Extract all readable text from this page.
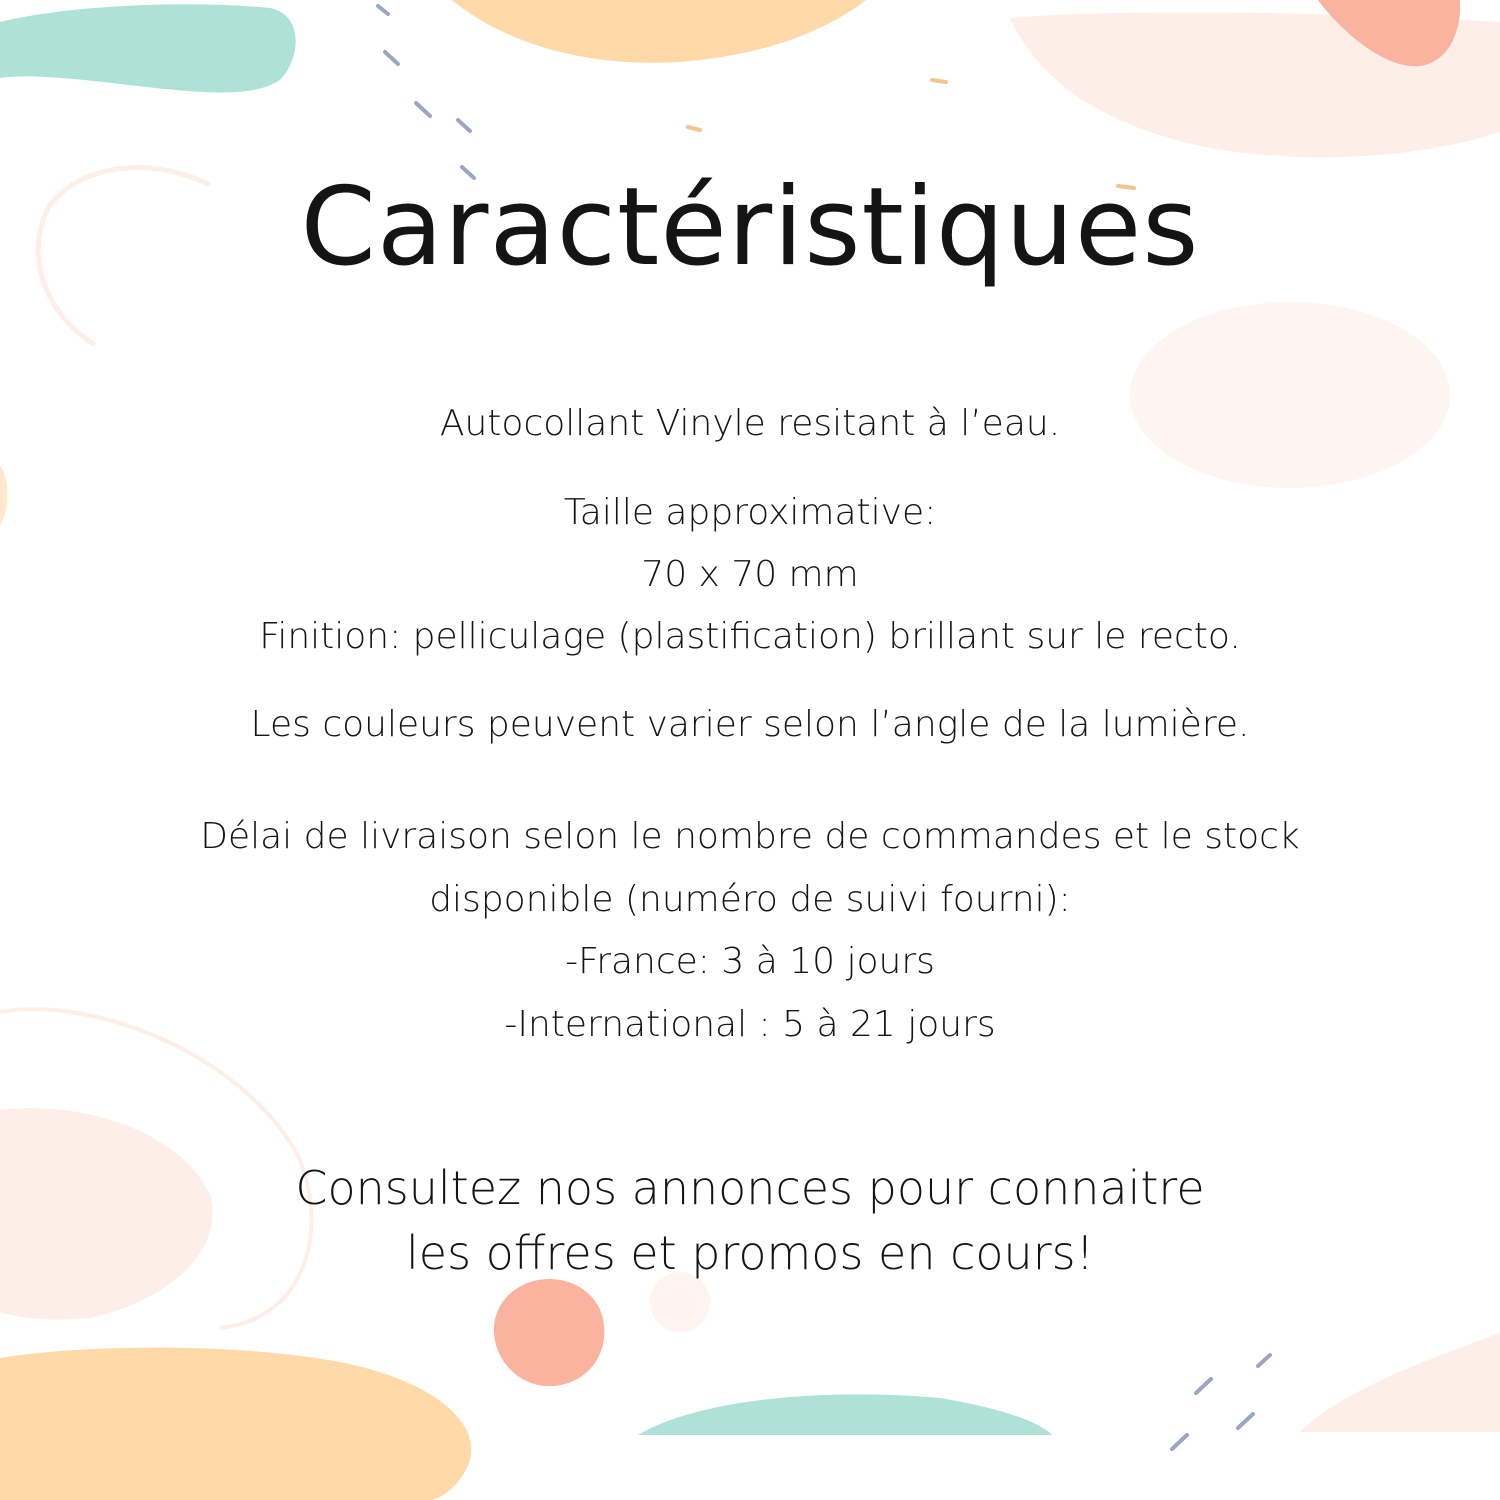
Caractéristiques
Autocollant Vinyle resitant à l’eau.
Taille approximative:
70 x 70 mm
Finition: pelliculage (plastification) brillant sur le recto.
Les couleurs peuvent varier selon l’angle de la lumière.
Délai de livraison selon le nombre de commandes et le stock
disponible (numéro de suivi fourni):
-France: 3 à 10 jours
-International : 5 à 21 jours
Consultez nos annonces pour connaitre
les offres et promos en cours!
